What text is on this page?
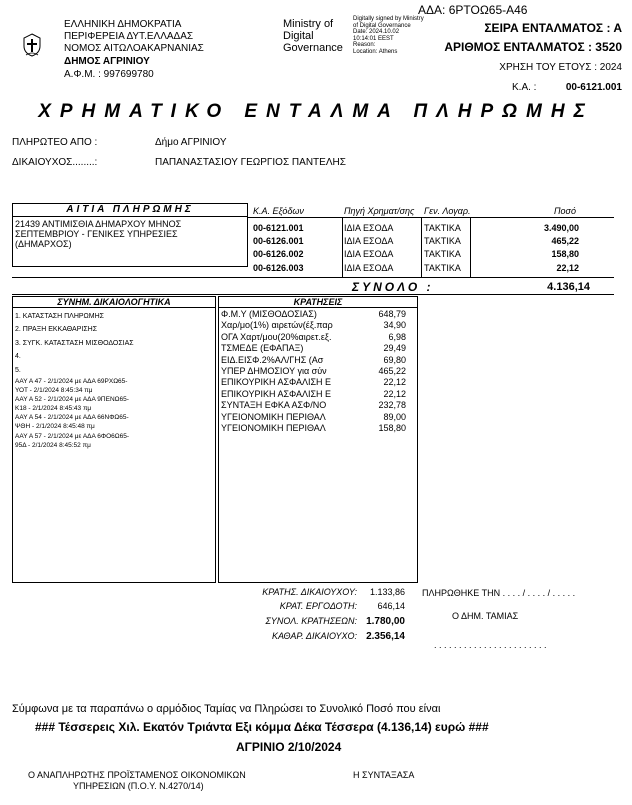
ΕΛΛΗΝΙΚΗ ΔΗΜΟΚΡΑΤΙΑ
ΠΕΡΙΦΕΡΕΙΑ ΔΥΤ.ΕΛΛΑΔΑΣ
ΝΟΜΟΣ ΑΙΤΩΛΟΑΚΑΡΝΑΝΙΑΣ
ΔΗΜΟΣ ΑΓΡΙΝΙΟΥ
Α.Φ.Μ. : 997699780
Ministry of
Digital
Governance
Digitally signed by Ministry
of Digital Governance
Date: 2024.10.02
10:14:01 EEST
Reason:
Location: Athens
ΑΔΑ: 6ΡΤΟΩ65-Α46
ΣΕΙΡΑ ΕΝΤΑΛΜΑΤΟΣ : Α
ΑΡΙΘΜΟΣ ΕΝΤΑΛΜΑΤΟΣ : 3520
ΧΡΗΣΗ ΤΟΥ ΕΤΟΥΣ : 2024
Κ.Α. :	00-6121.001
ΧΡΗΜΑΤΙΚΟ ΕΝΤΑΛΜΑ ΠΛΗΡΩΜΗΣ
ΠΛΗΡΩΤΕΟ ΑΠΟ :	Δήμο ΑΓΡΙΝΙΟΥ
ΔΙΚΑΙΟΥΧΟΣ........:	ΠΑΠΑΝΑΣΤΑΣΙΟΥ ΓΕΩΡΓΙΟΣ ΠΑΝΤΕΛΗΣ
ΑΙΤΙΑ ΠΛΗΡΩΜΗΣ
21439 ΑΝΤΙΜΙΣΘΙΑ ΔΗΜΑΡΧΟΥ ΜΗΝΟΣ
ΣΕΠΤΕΜΒΡΙΟΥ - ΓΕΝΙΚΕΣ ΥΠΗΡΕΣΙΕΣ
(ΔΗΜΑΡΧΟΣ)
Κ.Α. Εξόδων	Πηγή Χρηματ/σης Γεν. Λογαρ.	Ποσό
00-6121.001	ΙΔΙΑ ΕΣΟΔΑ	ΤΑΚΤΙΚΑ	3.490,00
00-6126.001	ΙΔΙΑ ΕΣΟΔΑ	ΤΑΚΤΙΚΑ	465,22
00-6126.002	ΙΔΙΑ ΕΣΟΔΑ	ΤΑΚΤΙΚΑ	158,80
00-6126.003	ΙΔΙΑ ΕΣΟΔΑ	ΤΑΚΤΙΚΑ	22,12
ΣΥΝΟΛΟ :	4.136,14
ΣΥΝΗΜ. ΔΙΚΑΙΟΛΟΓΗΤΙΚΑ
1. ΚΑΤΑΣΤΑΣΗ ΠΛΗΡΩΜΗΣ
2. ΠΡΑΞΗ ΕΚΚΑΘΑΡΙΣΗΣ
3. ΣΥΓΚ. ΚΑΤΑΣΤΑΣΗ ΜΙΣΘΟΔΟΣΙΑΣ
4.
5.
ΑΑΥ Α 47 - 2/1/2024 με ΑΔΑ 69ΡΧΩ65-
ΥΟΤ - 2/1/2024 8:45:34 πμ
ΑΑΥ Α 52 - 2/1/2024 με ΑΔΑ 9ΠΕΝΩ65-
Κ18 - 2/1/2024 8:45:43 πμ
ΑΑΥ Α 54 - 2/1/2024 με ΑΔΑ 66ΝΦΩ65-
ΨΘΗ - 2/1/2024 8:45:48 πμ
ΑΑΥ Α 57 - 2/1/2024 με ΑΔΑ 6ΦΟ6Ω65-
95Δ - 2/1/2024 8:45:52 πμ
ΚΡΑΤΗΣΕΙΣ
Φ.Μ.Υ (ΜΙΣΘΟΔΟΣΙΑΣ)	648,79
Χαρ/μο(1%) αιρετών(έξ.παρ	34,90
ΟΓΑ Χαρτ/μου(20%αιρετ.εξ.	6,98
ΤΣΜΕΔΕ (ΕΦΑΠΑΞ)	29,49
ΕΙΔ.ΕΙΣΦ.2%ΑΛ/ΓΗΣ (Ασ	69,80
ΥΠΕΡ ΔΗΜΟΣΙΟΥ για σύν	465,22
ΕΠΙΚΟΥΡΙΚΗ ΑΣΦΑΛΙΣΗ Ε	22,12
ΕΠΙΚΟΥΡΙΚΗ ΑΣΦΑΛΙΣΗ Ε	22,12
ΣΥΝΤΑΞΗ ΕΦΚΑ ΑΣΦ/ΝΟ	232,78
ΥΓΕΙΟΝΟΜΙΚΗ ΠΕΡΙΘΑΛ	89,00
ΥΓΕΙΟΝΟΜΙΚΗ ΠΕΡΙΘΑΛ	158,80
ΚΡΑΤΗΣ. ΔΙΚΑΙΟΥΧΟΥ: 1.133,86
ΚΡΑΤ. ΕΡΓΟΔΟΤΗ: 646,14
ΣΥΝΟΛ. ΚΡΑΤΗΣΕΩΝ: 1.780,00
ΚΑΘΑΡ. ΔΙΚΑΙΟΥΧΟ: 2.356,14
ΠΛΗΡΩΘΗΚΕ ΤΗΝ . . . . / . . . . / . . . . .
Ο ΔΗΜ. ΤΑΜΙΑΣ
. . . . . . . . . . . . . . . . . . . . . . .
Σύμφωνα με τα παραπάνω ο αρμόδιος Ταμίας να Πληρώσει το Συνολικό Ποσό που είναι
### Τέσσερεις Χιλ. Εκατόν Τριάντα Εξι κόμμα Δέκα Τέσσερα (4.136,14) ευρώ ###
ΑΓΡΙΝΙΟ 2/10/2024
Ο ΑΝΑΠΛΗΡΩΤΗΣ ΠΡΟΪΣΤΑΜΕΝΟΣ ΟΙΚΟΝΟΜΙΚΩΝ
ΥΠΗΡΕΣΙΩΝ (Π.Ο.Υ. Ν.4270/14)
Η ΣΥΝΤΑΞΑΣΑ
